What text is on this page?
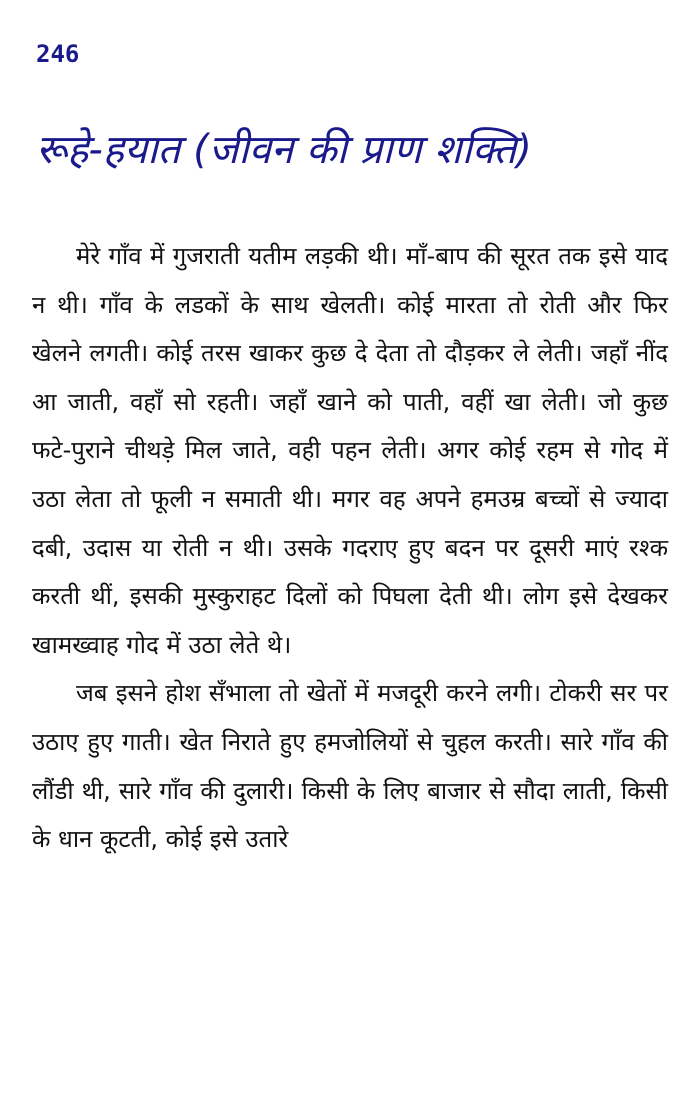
246
रूहे-हयात (जीवन की प्राण शक्ति)

मेरे गाँव में गुजराती यतीम लड़की थी। माँ-बाप की सूरत तक इसे याद न थी। गाँव के लडकों के साथ खेलती। कोई मारता तो रोती और फिर खेलने लगती। कोई तरस खाकर कुछ दे देता तो दौड़कर ले लेती। जहाँ नींद आ जाती, वहाँ सो रहती। जहाँ खाने को पाती, वहीं खा लेती। जो कुछ फटे-पुराने चीथड़े मिल जाते, वही पहन लेती। अगर कोई रहम से गोद में उठा लेता तो फूली न समाती थी। मगर वह अपने हमउम्र बच्चों से ज्यादा दबी, उदास या रोती न थी। उसके गदराए हुए बदन पर दूसरी माएं रश्क करती थीं, इसकी मुस्कुराहट दिलों को पिघला देती थी। लोग इसे देखकर खामख्वाह गोद में उठा लेते थे।

जब इसने होश सँभाला तो खेतों में मजदूरी करने लगी। टोकरी सर पर उठाए हुए गाती। खेत निराते हुए हमजोलियों से चुहल करती। सारे गाँव की लौंडी थी, सारे गाँव की दुलारी। किसी के लिए बाजार से सौदा लाती, किसी के धान कूटती, कोई इसे उतारे
